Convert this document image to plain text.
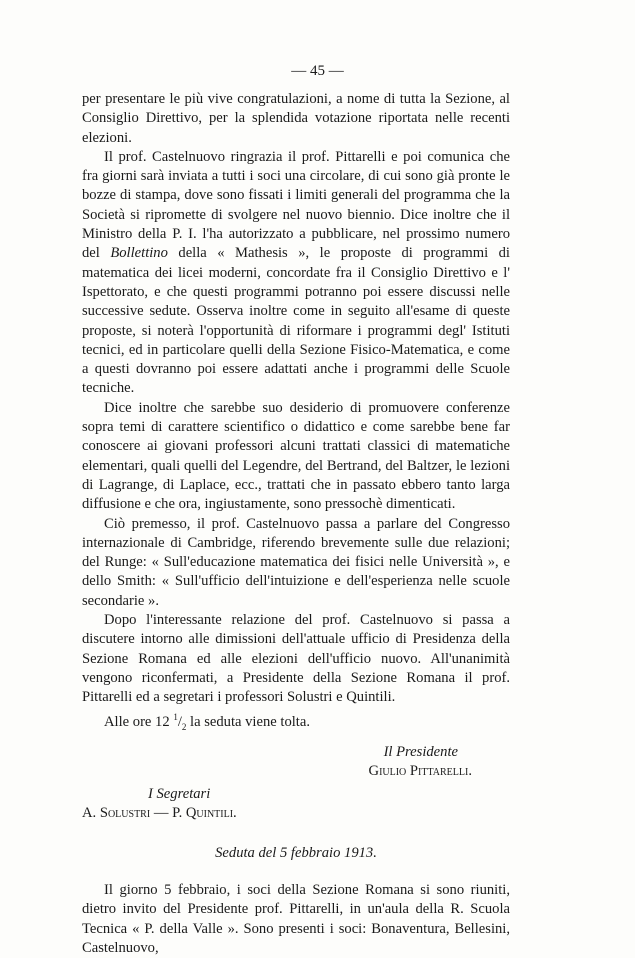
— 45 —

per presentare le più vive congratulazioni, a nome di tutta la Sezione, al Consiglio Direttivo, per la splendida votazione riportata nelle recenti elezioni.

Il prof. Castelnuovo ringrazia il prof. Pittarelli e poi comunica che fra giorni sarà inviata a tutti i soci una circolare, di cui sono già pronte le bozze di stampa, dove sono fissati i limiti generali del programma che la Società si ripromette di svolgere nel nuovo biennio. Dice inoltre che il Ministro della P. I. l'ha autorizzato a pubblicare, nel prossimo numero del Bollettino della « Mathesis », le proposte di programmi di matematica dei licei moderni, concordate fra il Consiglio Direttivo e l' Ispettorato, e che questi programmi potranno poi essere discussi nelle successive sedute. Osserva inoltre come in seguito all'esame di queste proposte, si noterà l'opportunità di riformare i programmi degl' Istituti tecnici, ed in particolare quelli della Sezione Fisico-Matematica, e come a questi dovranno poi essere adattati anche i programmi delle Scuole tecniche.

Dice inoltre che sarebbe suo desiderio di promuovere conferenze sopra temi di carattere scientifico o didattico e come sarebbe bene far conoscere ai giovani professori alcuni trattati classici di matematiche elementari, quali quelli del Legendre, del Bertrand, del Baltzer, le lezioni di Lagrange, di Laplace, ecc., trattati che in passato ebbero tanto larga diffusione e che ora, ingiustamente, sono pressochè dimenticati.

Ciò premesso, il prof. Castelnuovo passa a parlare del Congresso internazionale di Cambridge, riferendo brevemente sulle due relazioni; del Runge: « Sull'educazione matematica dei fisici nelle Università », e dello Smith: « Sull'ufficio dell'intuizione e dell'esperienza nelle scuole secondarie ».

Dopo l'interessante relazione del prof. Castelnuovo si passa a discutere intorno alle dimissioni dell'attuale ufficio di Presidenza della Sezione Romana ed alle elezioni dell'ufficio nuovo. All'unanimità vengono riconfermati, a Presidente della Sezione Romana il prof. Pittarelli ed a segretari i professori Solustri e Quintili.

Alle ore 12 $^1/_2$ la seduta viene tolta.

Il Presidente
Giulio Pittarelli.
I Segretari
A. Solustri — P. Quintili.
Seduta del 5 febbraio 1913.

Il giorno 5 febbraio, i soci della Sezione Romana si sono riuniti, dietro invito del Presidente prof. Pittarelli, in un'aula della R. Scuola Tecnica « P. della Valle ». Sono presenti i soci: Bonaventura, Bellesini, Castelnuovo,
